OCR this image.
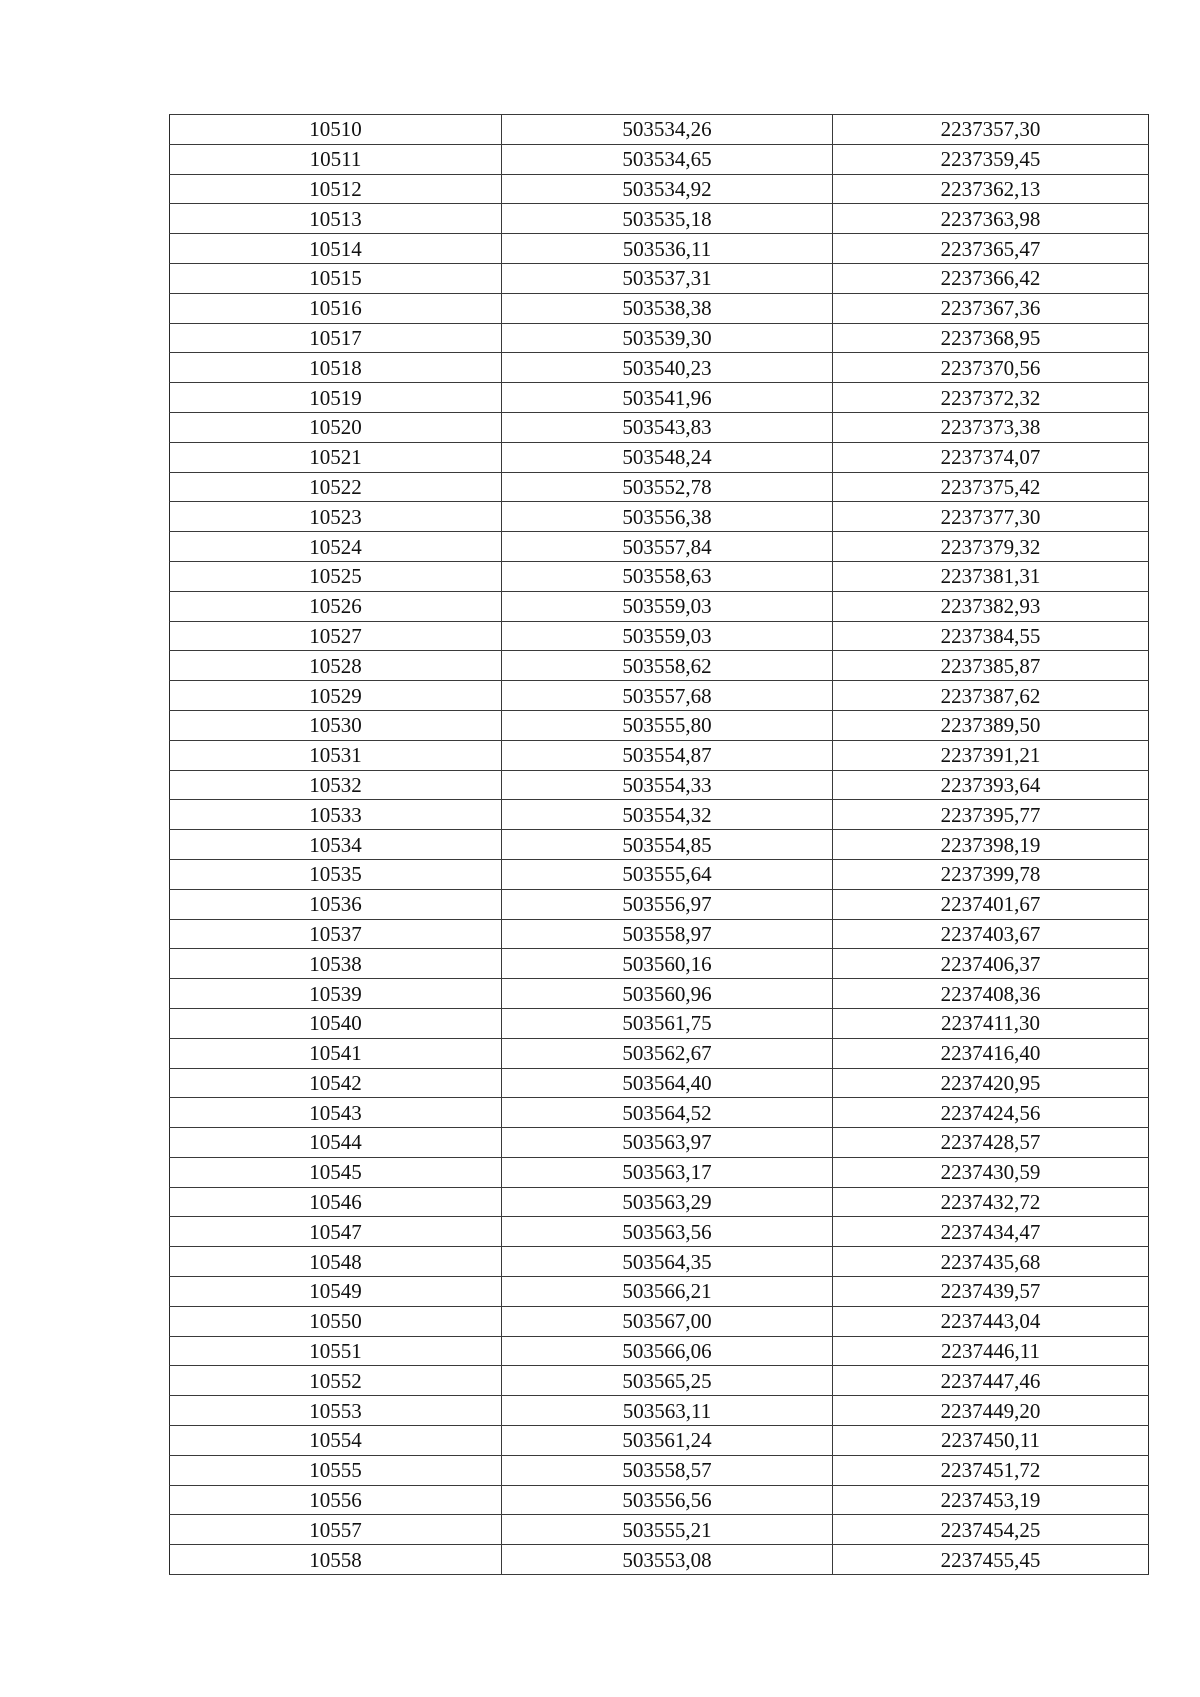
10510	503534,26	2237357,30
10511	503534,65	2237359,45
10512	503534,92	2237362,13
10513	503535,18	2237363,98
10514	503536,11	2237365,47
10515	503537,31	2237366,42
10516	503538,38	2237367,36
10517	503539,30	2237368,95
10518	503540,23	2237370,56
10519	503541,96	2237372,32
10520	503543,83	2237373,38
10521	503548,24	2237374,07
10522	503552,78	2237375,42
10523	503556,38	2237377,30
10524	503557,84	2237379,32
10525	503558,63	2237381,31
10526	503559,03	2237382,93
10527	503559,03	2237384,55
10528	503558,62	2237385,87
10529	503557,68	2237387,62
10530	503555,80	2237389,50
10531	503554,87	2237391,21
10532	503554,33	2237393,64
10533	503554,32	2237395,77
10534	503554,85	2237398,19
10535	503555,64	2237399,78
10536	503556,97	2237401,67
10537	503558,97	2237403,67
10538	503560,16	2237406,37
10539	503560,96	2237408,36
10540	503561,75	2237411,30
10541	503562,67	2237416,40
10542	503564,40	2237420,95
10543	503564,52	2237424,56
10544	503563,97	2237428,57
10545	503563,17	2237430,59
10546	503563,29	2237432,72
10547	503563,56	2237434,47
10548	503564,35	2237435,68
10549	503566,21	2237439,57
10550	503567,00	2237443,04
10551	503566,06	2237446,11
10552	503565,25	2237447,46
10553	503563,11	2237449,20
10554	503561,24	2237450,11
10555	503558,57	2237451,72
10556	503556,56	2237453,19
10557	503555,21	2237454,25
10558	503553,08	2237455,45
